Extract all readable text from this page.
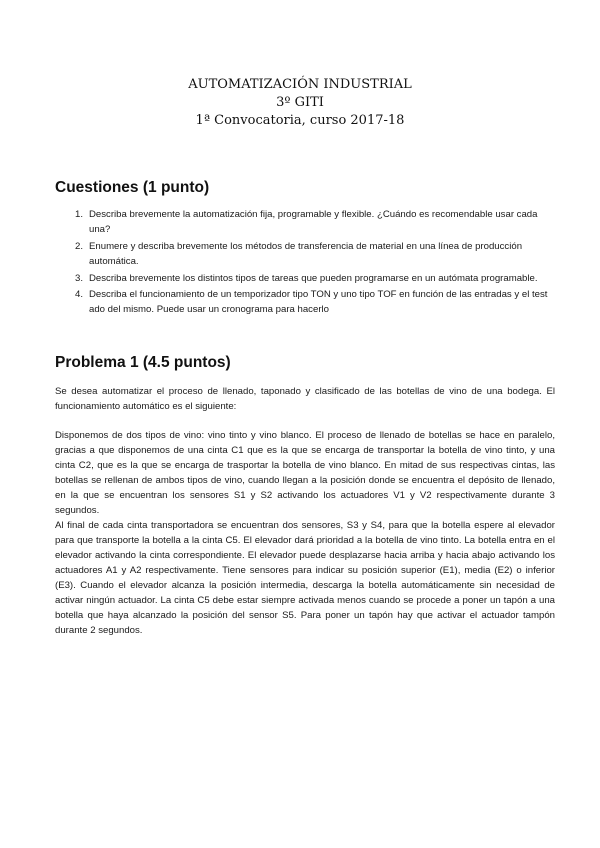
AUTOMATIZACIÓN INDUSTRIAL
3º GITI
1ª Convocatoria, curso 2017-18
Cuestiones (1 punto)
1. Describa brevemente la automatización fija, programable y flexible. ¿Cuándo es recomendable usar cada una?
2. Enumere y describa brevemente los métodos de transferencia de material en una línea de producción automática.
3. Describa brevemente los distintos tipos de tareas que pueden programarse en un autómata programable.
4. Describa el funcionamiento de un temporizador tipo TON y uno tipo TOF en función de las entradas y el test ado del mismo. Puede usar un cronograma para hacerlo
Problema 1 (4.5 puntos)

Se desea automatizar el proceso de llenado, taponado y clasificado de las botellas de vino de una bodega. El funcionamiento automático es el siguiente:

Disponemos de dos tipos de vino: vino tinto y vino blanco. El proceso de llenado de botellas se hace en paralelo, gracias a que disponemos de una cinta C1 que es la que se encarga de transportar la botella de vino tinto, y una cinta C2, que es la que se encarga de trasportar la botella de vino blanco. En mitad de sus respectivas cintas, las botellas se rellenan de ambos tipos de vino, cuando llegan a la posición donde se encuentra el depósito de llenado, en la que se encuentran los sensores S1 y S2 activando los actuadores V1 y V2 respectivamente durante 3 segundos.

Al final de cada cinta transportadora se encuentran dos sensores, S3 y S4, para que la botella espere al elevador para que transporte la botella a la cinta C5. El elevador dará prioridad a la botella de vino tinto. La botella entra en el elevador activando la cinta correspondiente. El elevador puede desplazarse hacia arriba y hacia abajo activando los actuadores A1 y A2 respectivamente. Tiene sensores para indicar su posición superior (E1), media (E2) o inferior (E3). Cuando el elevador alcanza la posición intermedia, descarga la botella automáticamente sin necesidad de activar ningún actuador. La cinta C5 debe estar siempre activada menos cuando se procede a poner un tapón a una botella que haya alcanzado la posición del sensor S5. Para poner un tapón hay que activar el actuador tampón durante 2 segundos.
